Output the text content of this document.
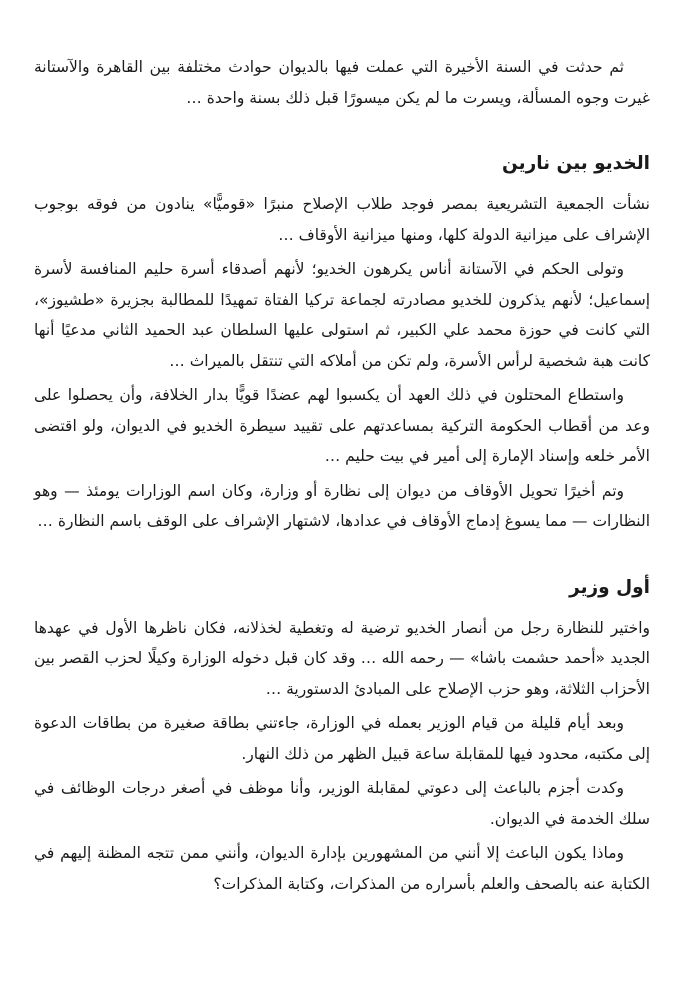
ثم حدثت في السنة الأخيرة التي عملت فيها بالديوان حوادث مختلفة بين القاهرة والآستانة غيرت وجوه المسألة، ويسرت ما لم يكن ميسورًا قبل ذلك بسنة واحدة …

الخديو بين نارين

نشأت الجمعية التشريعية بمصر فوجد طلاب الإصلاح منبرًا «قوميًّا» ينادون من فوقه بوجوب الإشراف على ميزانية الدولة كلها، ومنها ميزانية الأوقاف …

وتولى الحكم في الآستانة أناس يكرهون الخديو؛ لأنهم أصدقاء أسرة حليم المنافسة لأسرة إسماعيل؛ لأنهم يذكرون للخديو مصادرته لجماعة تركيا الفتاة تمهيدًا للمطالبة بجزيرة «طشيوز»، التي كانت في حوزة محمد علي الكبير، ثم استولى عليها السلطان عبد الحميد الثاني مدعيًا أنها كانت هبة شخصية لرأس الأسرة، ولم تكن من أملاكه التي تنتقل بالميراث …

واستطاع المحتلون في ذلك العهد أن يكسبوا لهم عضدًا قويًّا بدار الخلافة، وأن يحصلوا على وعد من أقطاب الحكومة التركية بمساعدتهم على تقييد سيطرة الخديو في الديوان، ولو اقتضى الأمر خلعه وإسناد الإمارة إلى أمير في بيت حليم …

وتم أخيرًا تحويل الأوقاف من ديوان إلى نظارة أو وزارة، وكان اسم الوزارات يومئذ — وهو النظارات — مما يسوغ إدماج الأوقاف في عدادها، لاشتهار الإشراف على الوقف باسم النظارة …

أول وزير

واختير للنظارة رجل من أنصار الخديو ترضية له وتغطية لخذلانه، فكان ناظرها الأول في عهدها الجديد «أحمد حشمت باشا» — رحمه الله … وقد كان قبل دخوله الوزارة وكيلًا لحزب القصر بين الأحزاب الثلاثة، وهو حزب الإصلاح على المبادئ الدستورية …

وبعد أيام قليلة من قيام الوزير بعمله في الوزارة، جاءتني بطاقة صغيرة من بطاقات الدعوة إلى مكتبه، محدود فيها للمقابلة ساعة قبيل الظهر من ذلك النهار.

وكدت أجزم بالباعث إلى دعوتي لمقابلة الوزير، وأنا موظف في أصغر درجات الوظائف في سلك الخدمة في الديوان.

وماذا يكون الباعث إلا أنني من المشهورين بإدارة الديوان، وأنني ممن تتجه المظنة إليهم في الكتابة عنه بالصحف والعلم بأسراره من المذكرات، وكتابة المذكرات؟
